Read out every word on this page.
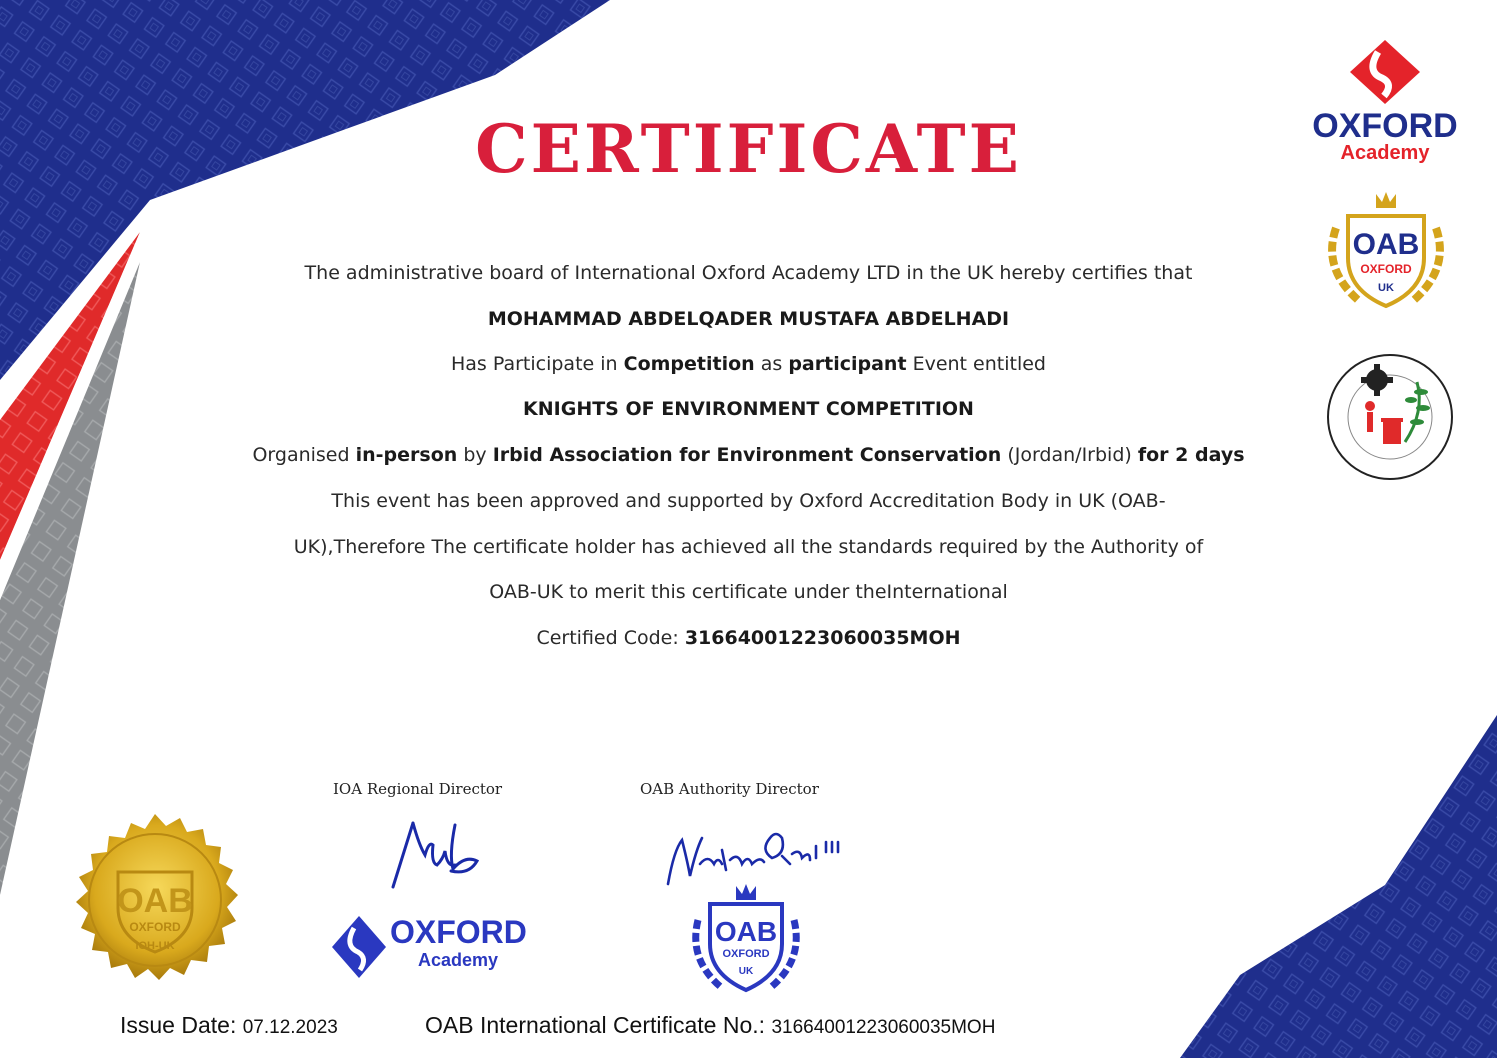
CERTIFICATE
The administrative board of International Oxford Academy LTD in the UK hereby certifies that
MOHAMMAD ABDELQADER MUSTAFA ABDELHADI
Has Participate in Competition as participant Event entitled
KNIGHTS OF ENVIRONMENT COMPETITION
Organised in-person by Irbid Association for Environment Conservation (Jordan/Irbid) for 2 days
This event has been approved and supported by Oxford Accreditation Body in UK (OAB-
UK),Therefore The certificate holder has achieved all the standards required by the Authority of
OAB-UK to merit this certificate under theInternational
Certified Code: 31664001223060035MOH
OXFORD
Academy
OAB
OXFORD
UK
IOA Regional Director	OAB Authority Director
OXFORD
Academy
OAB
OXFORD
UK
OAB
OXFORD
IOH-UK
Issue Date: 07.12.2023	OAB International Certificate No.: 31664001223060035MOH
